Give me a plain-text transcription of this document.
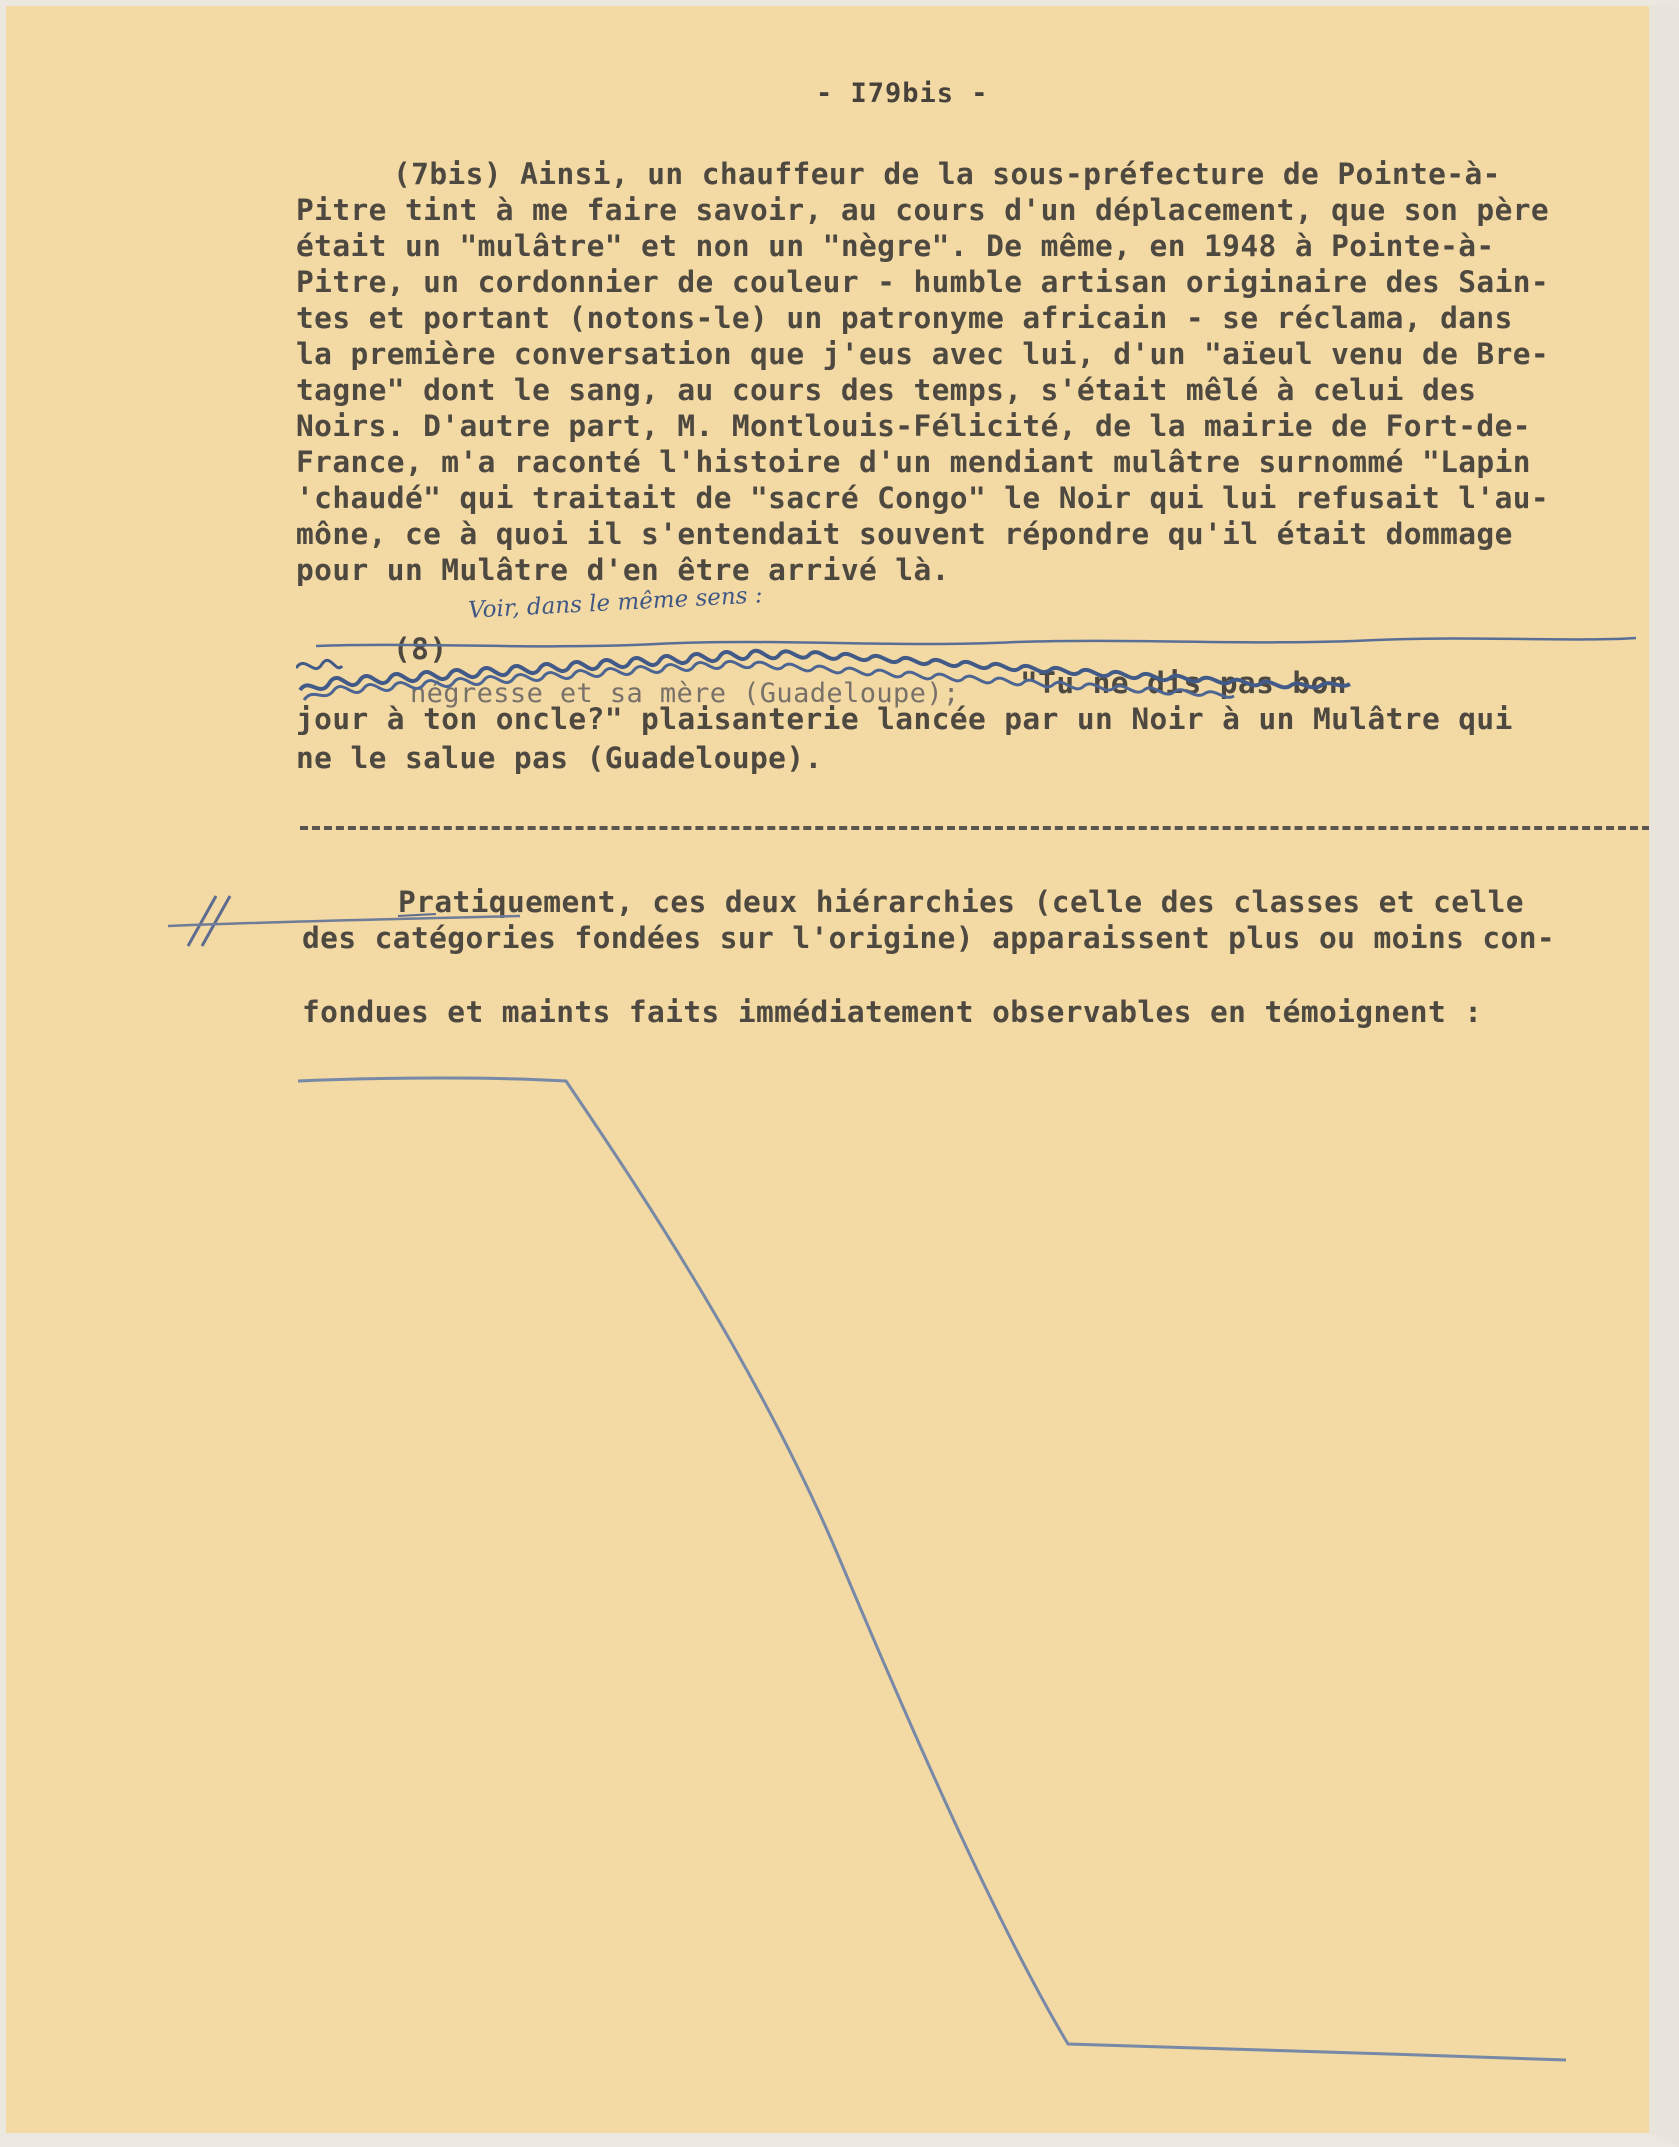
- I79bis -
(7bis) Ainsi, un chauffeur de la sous-préfecture de Pointe-à-
Pitre tint à me faire savoir, au cours d'un déplacement, que son père
était un "mulâtre" et non un "nègre". De même, en 1948 à Pointe-à-
Pitre, un cordonnier de couleur - humble artisan originaire des Sain-
tes et portant (notons-le) un patronyme africain - se réclama, dans
la première conversation que j'eus avec lui, d'un "aïeul venu de Bre-
tagne" dont le sang, au cours des temps, s'était mêlé à celui des
Noirs. D'autre part, M. Montlouis-Félicité, de la mairie de Fort-de-
France, m'a raconté l'histoire d'un mendiant mulâtre surnommé "Lapin
'chaudé" qui traitait de "sacré Congo" le Noir qui lui refusait l'au-
mône, ce à quoi il s'entendait souvent répondre qu'il était dommage
pour un Mulâtre d'en être arrivé là.
(8)
négresse et sa mère (Guadeloupe); "Tu ne dis pas bon
jour à ton oncle?" plaisanterie lancée par un Noir à un Mulâtre qui
ne le salue pas (Guadeloupe).
Pratiquement, ces deux hiérarchies (celle des classes et celle
des catégories fondées sur l'origine) apparaissent plus ou moins con-
fondues et maints faits immédiatement observables en témoignent :
Voir, dans le même sens :
